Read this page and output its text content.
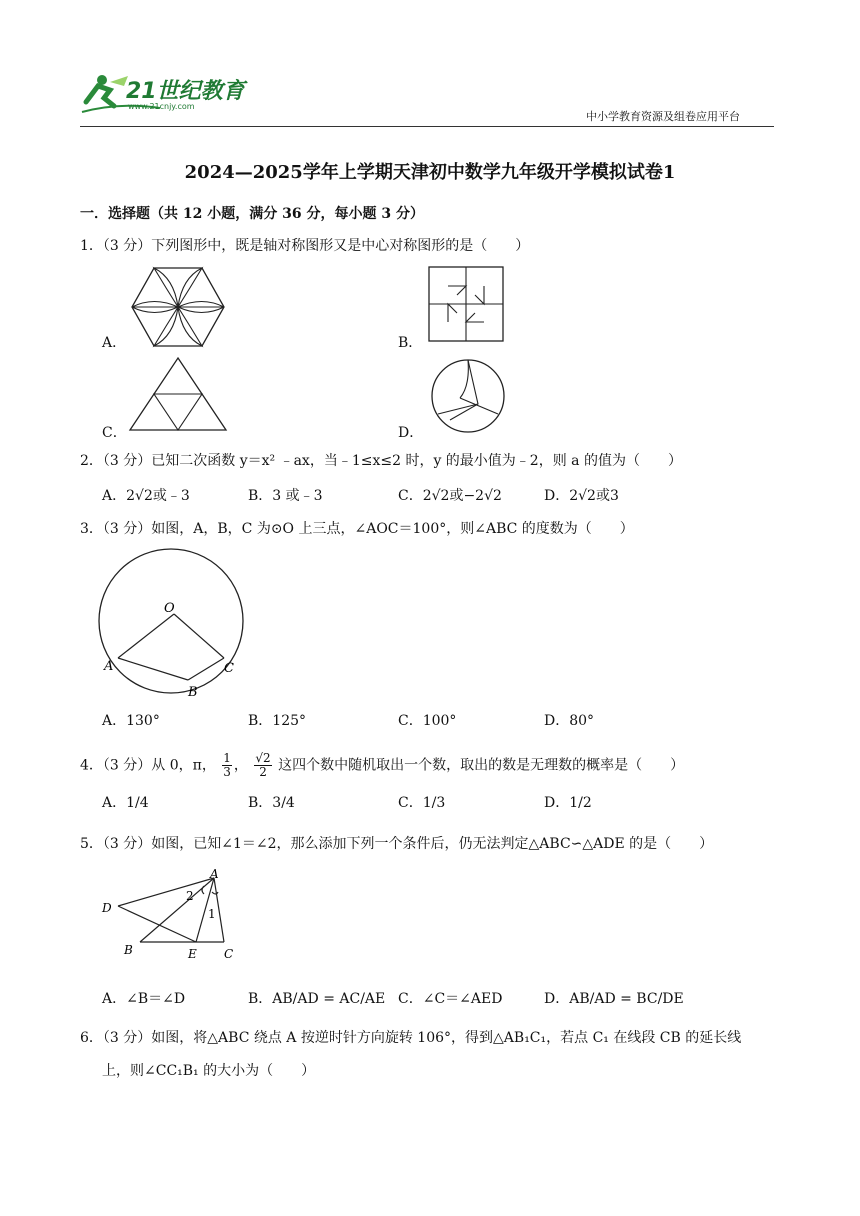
21世纪教育
www.21cnjy.com
中小学教育资源及组卷应用平台
2024—2025学年上学期天津初中数学九年级开学模拟试卷1
一．选择题（共 12 小题，满分 36 分，每小题 3 分）
1．（3 分）下列图形中，既是轴对称图形又是中心对称图形的是（　　）
A．	B．
C．	D．
2．（3 分）已知二次函数 y＝x² ﹣ax，当﹣1≤x≤2 时，y 的最小值为﹣2，则 a 的值为（　　）
A．2√2或﹣3	B．3 或﹣3	C．2√2或−2√2	D．2√2或3
3．（3 分）如图，A，B，C 为⊙O 上三点，∠AOC＝100°，则∠ABC 的度数为（　　）
O
A
B
C
A．130°	B．125°	C．100°	D．80°
4．（3 分）从 0，π， $\frac{1}{3}$ ， $\frac{√2}{2}$ 这四个数中随机取出一个数，取出的数是无理数的概率是（　　）
A．1/4	B．3/4	C．1/3	D．1/2
5．（3 分）如图，已知∠1＝∠2，那么添加下列一个条件后，仍无法判定△ABC∽△ADE 的是（　　）
A
D
B	E C
2
1
A．∠B＝∠D	B．AB/AD = AC/AE C．∠C＝∠AED	D．AB/AD = BC/DE
6．（3 分）如图，将△ABC 绕点 A 按逆时针方向旋转 106°，得到△AB₁C₁，若点 C₁ 在线段 CB 的延长线
上，则∠CC₁B₁ 的大小为（　　）
